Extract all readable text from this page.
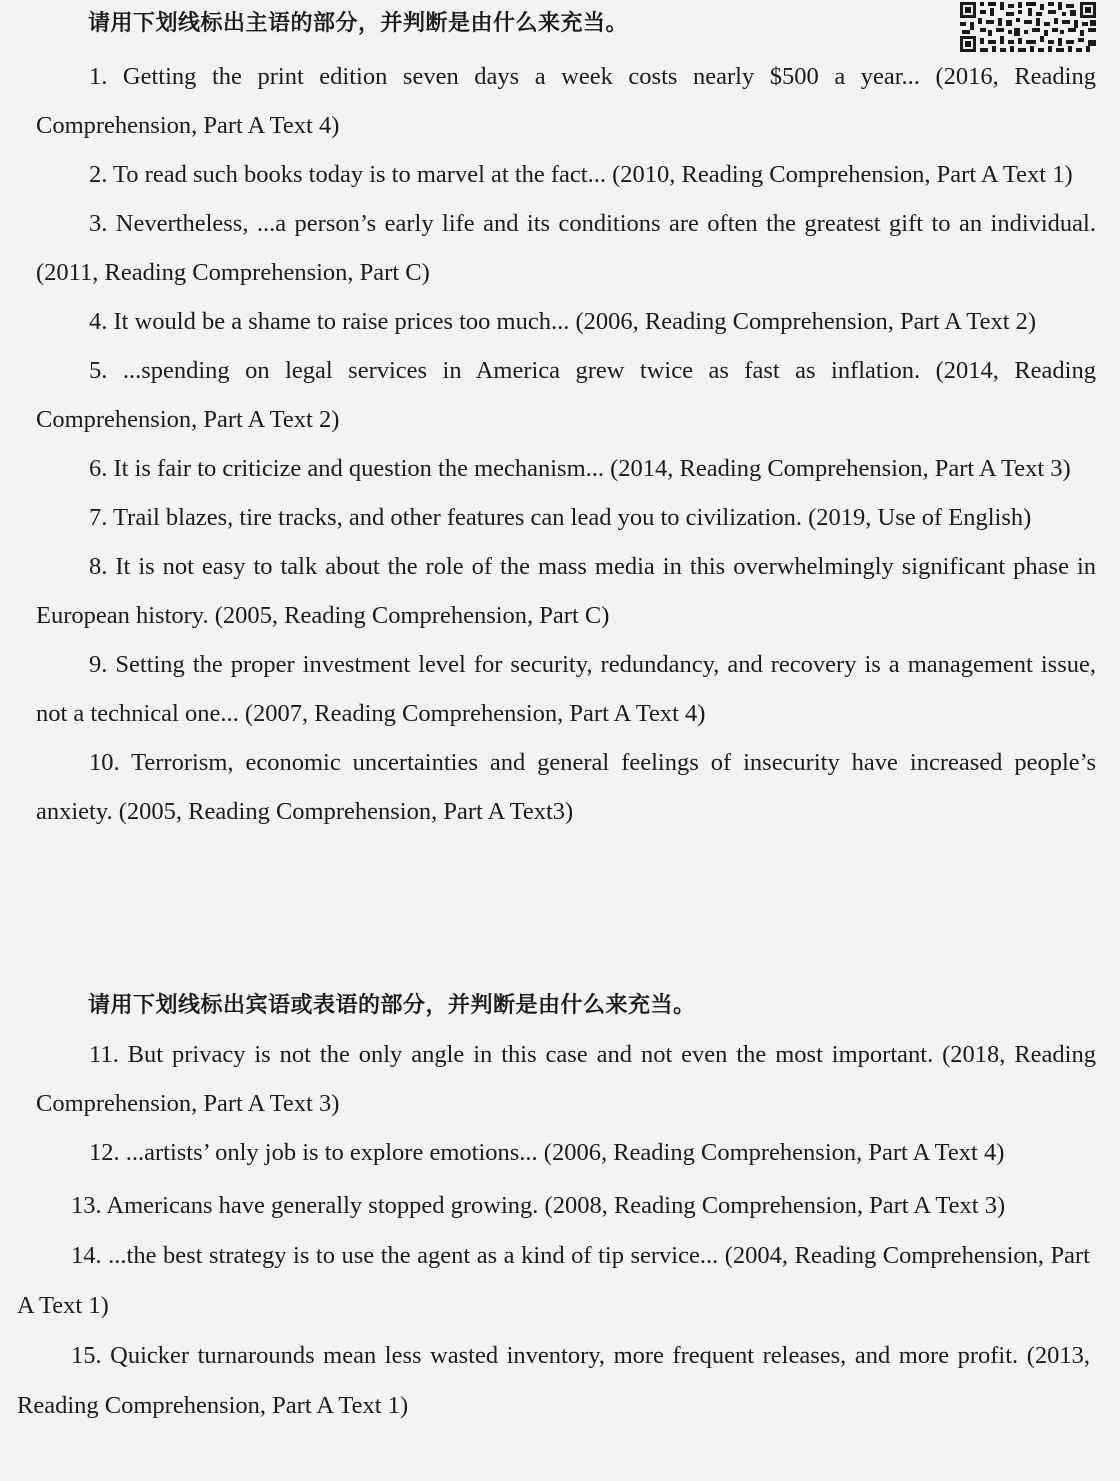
请用下划线标出主语的部分，并判断是由什么来充当。
1. Getting the print edition seven days a week costs nearly $500 a year... (2016, Reading Comprehension, Part A Text 4)
2. To read such books today is to marvel at the fact... (2010, Reading Comprehension, Part A Text 1)
3. Nevertheless, ...a person’s early life and its conditions are often the greatest gift to an individual. (2011, Reading Comprehension, Part C)
4. It would be a shame to raise prices too much... (2006, Reading Comprehension, Part A Text 2)
5. ...spending on legal services in America grew twice as fast as inflation. (2014, Reading Comprehension, Part A Text 2)
6. It is fair to criticize and question the mechanism... (2014, Reading Comprehension, Part A Text 3)
7. Trail blazes, tire tracks, and other features can lead you to civilization. (2019, Use of English)
8. It is not easy to talk about the role of the mass media in this overwhelmingly significant phase in European history. (2005, Reading Comprehension, Part C)
9. Setting the proper investment level for security, redundancy, and recovery is a management issue, not a technical one... (2007, Reading Comprehension, Part A Text 4)
10. Terrorism, economic uncertainties and general feelings of insecurity have increased people’s anxiety. (2005, Reading Comprehension, Part A Text3)
请用下划线标出宾语或表语的部分，并判断是由什么来充当。
11. But privacy is not the only angle in this case and not even the most important. (2018, Reading Comprehension, Part A Text 3)
12. ...artists’ only job is to explore emotions... (2006, Reading Comprehension, Part A Text 4)
13. Americans have generally stopped growing. (2008, Reading Comprehension, Part A Text 3)
14. ...the best strategy is to use the agent as a kind of tip service... (2004, Reading Comprehension, Part A Text 1)
15. Quicker turnarounds mean less wasted inventory, more frequent releases, and more profit. (2013, Reading Comprehension, Part A Text 1)
